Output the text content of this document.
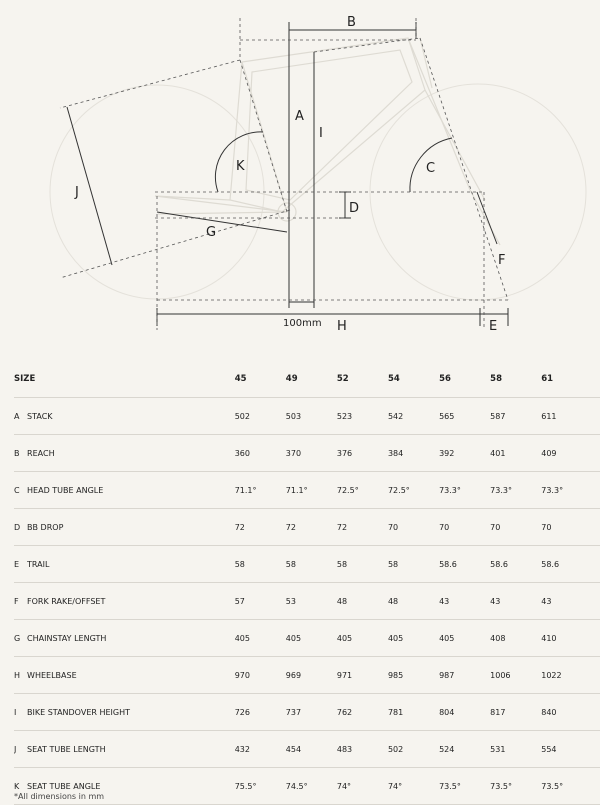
B
A
I
K	C
J
D
G
F
100mm H	E
SIZE		45	49	52	54	56	58	61
A	STACK	502	503	523	542	565	587	611
B	REACH	360	370	376	384	392	401	409
C	HEAD TUBE ANGLE	71.1°	71.1°	72.5°	72.5°	73.3°	73.3°	73.3°
D	BB DROP	72	72	72	70	70	70	70
E	TRAIL	58	58	58	58	58.6	58.6	58.6
F	FORK RAKE/OFFSET	57	53	48	48	43	43	43
G	CHAINSTAY LENGTH	405	405	405	405	405	408	410
H	WHEELBASE	970	969	971	985	987	1006	1022
I	BIKE STANDOVER HEIGHT	726	737	762	781	804	817	840
J	SEAT TUBE LENGTH	432	454	483	502	524	531	554
K	SEAT TUBE ANGLE	75.5°	74.5°	74°	74°	73.5°	73.5°	73.5°
*All dimensions in mm
